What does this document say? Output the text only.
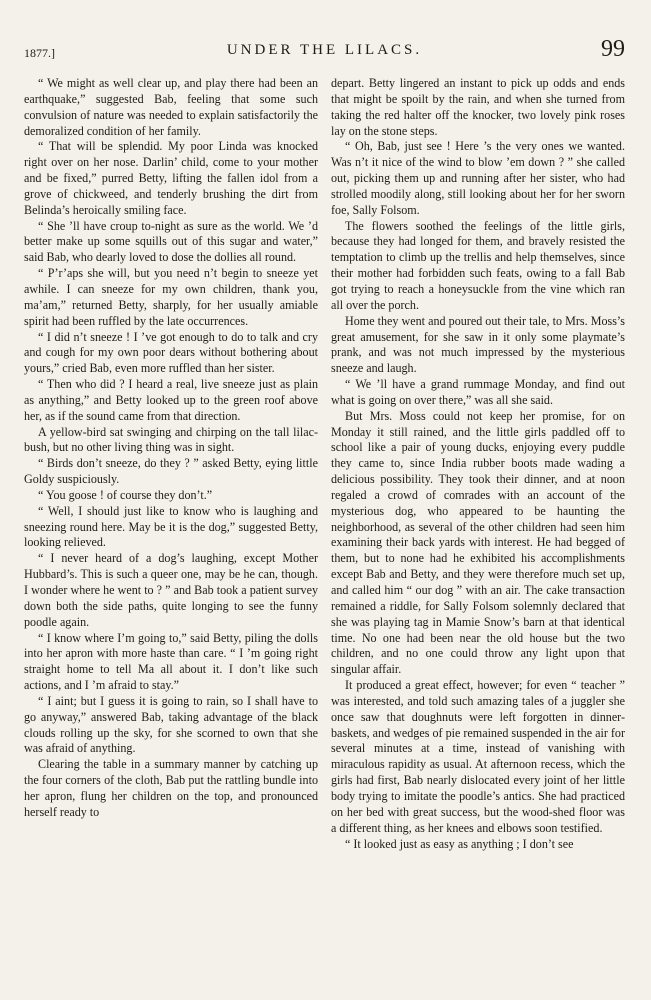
1877.]	UNDER THE LILACS.	99

“ We might as well clear up, and play there had been an earthquake,” suggested Bab, feeling that some such convulsion of nature was needed to explain satisfactorily the demoralized condition of her family.

“ That will be splendid. My poor Linda was knocked right over on her nose. Darlin’ child, come to your mother and be fixed,” purred Betty, lifting the fallen idol from a grove of chickweed, and tenderly brushing the dirt from Belinda’s heroically smiling face.

“ She ’ll have croup to-night as sure as the world. We ’d better make up some squills out of this sugar and water,” said Bab, who dearly loved to dose the dollies all round.

“ P’r’aps she will, but you need n’t begin to sneeze yet awhile. I can sneeze for my own children, thank you, ma’am,” returned Betty, sharply, for her usually amiable spirit had been ruffled by the late occurrences.

“ I did n’t sneeze ! I ’ve got enough to do to talk and cry and cough for my own poor dears without bothering about yours,” cried Bab, even more ruffled than her sister.

“ Then who did ? I heard a real, live sneeze just as plain as anything,” and Betty looked up to the green roof above her, as if the sound came from that direction.

A yellow-bird sat swinging and chirping on the tall lilac-bush, but no other living thing was in sight.

“ Birds don’t sneeze, do they ? ” asked Betty, eying little Goldy suspiciously.

“ You goose ! of course they don’t.”

“ Well, I should just like to know who is laughing and sneezing round here. May be it is the dog,” suggested Betty, looking relieved.

“ I never heard of a dog’s laughing, except Mother Hubbard’s. This is such a queer one, may be he can, though. I wonder where he went to ? ” and Bab took a patient survey down both the side paths, quite longing to see the funny poodle again.

“ I know where I’m going to,” said Betty, piling the dolls into her apron with more haste than care. “ I ’m going right straight home to tell Ma all about it. I don’t like such actions, and I ’m afraid to stay.”

“ I aint; but I guess it is going to rain, so I shall have to go anyway,” answered Bab, taking advantage of the black clouds rolling up the sky, for she scorned to own that she was afraid of anything.

Clearing the table in a summary manner by catching up the four corners of the cloth, Bab put the rattling bundle into her apron, flung her children on the top, and pronounced herself ready to

depart. Betty lingered an instant to pick up odds and ends that might be spoilt by the rain, and when she turned from taking the red halter off the knocker, two lovely pink roses lay on the stone steps.

“ Oh, Bab, just see ! Here ’s the very ones we wanted. Was n’t it nice of the wind to blow ’em down ? ” she called out, picking them up and running after her sister, who had strolled moodily along, still looking about her for her sworn foe, Sally Folsom.

The flowers soothed the feelings of the little girls, because they had longed for them, and bravely resisted the temptation to climb up the trellis and help themselves, since their mother had forbidden such feats, owing to a fall Bab got trying to reach a honeysuckle from the vine which ran all over the porch.

Home they went and poured out their tale, to Mrs. Moss’s great amusement, for she saw in it only some playmate’s prank, and was not much impressed by the mysterious sneeze and laugh.

“ We ’ll have a grand rummage Monday, and find out what is going on over there,” was all she said.

But Mrs. Moss could not keep her promise, for on Monday it still rained, and the little girls paddled off to school like a pair of young ducks, enjoying every puddle they came to, since India rubber boots made wading a delicious possibility. They took their dinner, and at noon regaled a crowd of comrades with an account of the mysterious dog, who appeared to be haunting the neighborhood, as several of the other children had seen him examining their back yards with interest. He had begged of them, but to none had he exhibited his accomplishments except Bab and Betty, and they were therefore much set up, and called him “ our dog ” with an air. The cake transaction remained a riddle, for Sally Folsom solemnly declared that she was playing tag in Mamie Snow’s barn at that identical time. No one had been near the old house but the two children, and no one could throw any light upon that singular affair.

It produced a great effect, however; for even “ teacher ” was interested, and told such amazing tales of a juggler she once saw that doughnuts were left forgotten in dinner-baskets, and wedges of pie remained suspended in the air for several minutes at a time, instead of vanishing with miraculous rapidity as usual. At afternoon recess, which the girls had first, Bab nearly dislocated every joint of her little body trying to imitate the poodle’s antics. She had practiced on her bed with great success, but the wood-shed floor was a different thing, as her knees and elbows soon testified.

“ It looked just as easy as anything ; I don’t see
